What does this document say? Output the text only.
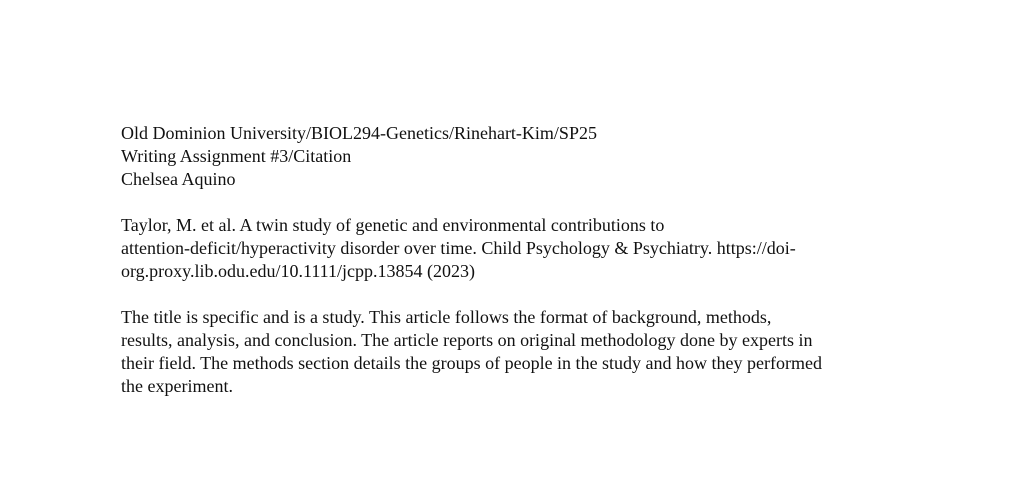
Old Dominion University/BIOL294-Genetics/Rinehart-Kim/SP25
Writing Assignment #3/Citation
Chelsea Aquino
Taylor, M. et al. A twin study of genetic and environmental contributions to
attention-deficit/hyperactivity disorder over time. Child Psychology & Psychiatry. https://doi-
org.proxy.lib.odu.edu/10.1111/jcpp.13854 (2023)
The title is specific and is a study. This article follows the format of background, methods,
results, analysis, and conclusion. The article reports on original methodology done by experts in
their field. The methods section details the groups of people in the study and how they performed
the experiment.
